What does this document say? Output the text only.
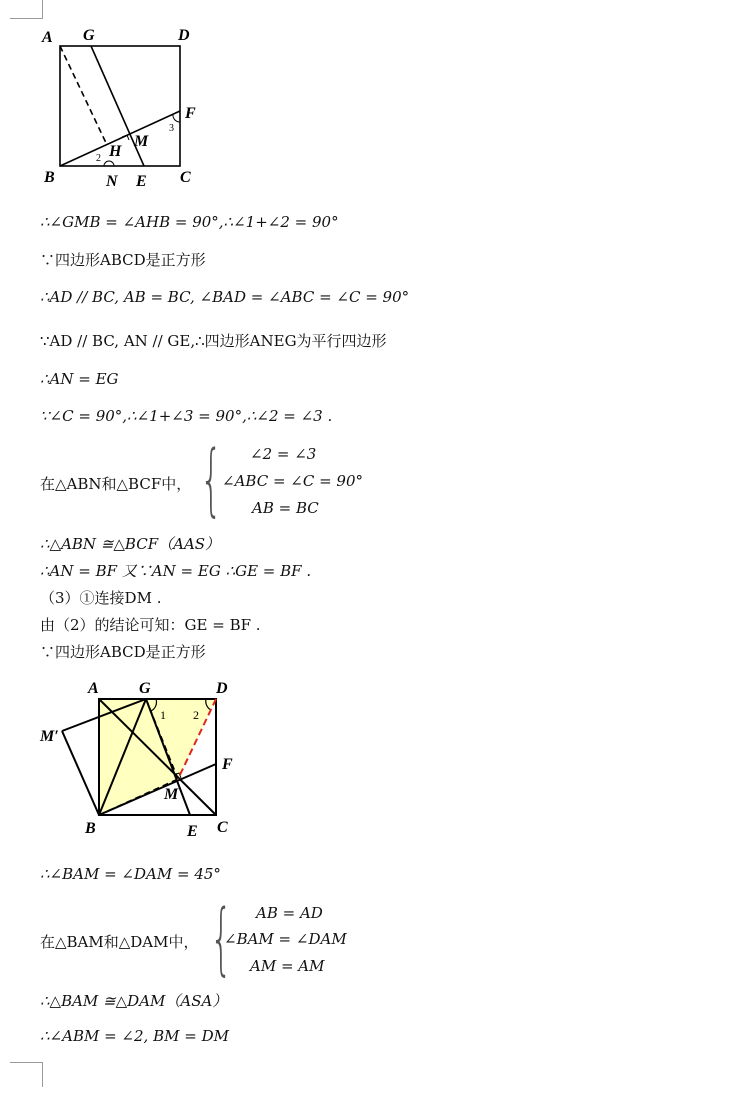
A G	D
F
M
H
B	N E C
2
3
∴∠GMB = ∠AHB = 90°,∴∠1+∠2 = 90°
∵四边形ABCD是正方形
∴AD // BC, AB = BC, ∠BAD = ∠ABC = ∠C = 90°
∵AD // BC, AN // GE,∴四边形ANEG为平行四边形
∴AN = EG
∵∠C = 90°,∴∠1+∠3 = 90°,∴∠2 = ∠3 .
在△ABN和△BCF中， { ∠2 = ∠3
∠ABC = ∠C = 90°
AB = BC
∴△ABN ≅△BCF（AAS）
∴AN = BF 又∵AN = EG ∴GE = BF .
（3）①连接DM .
由（2）的结论可知：GE = BF .
∵四边形ABCD是正方形
A	G	D
M′
F
M
B	E C
1 2
∴∠BAM = ∠DAM = 45°
在△BAM和△DAM中， { AB = AD
∠BAM = ∠DAM
AM = AM
∴△BAM ≅△DAM（ASA）
∴∠ABM = ∠2, BM = DM
